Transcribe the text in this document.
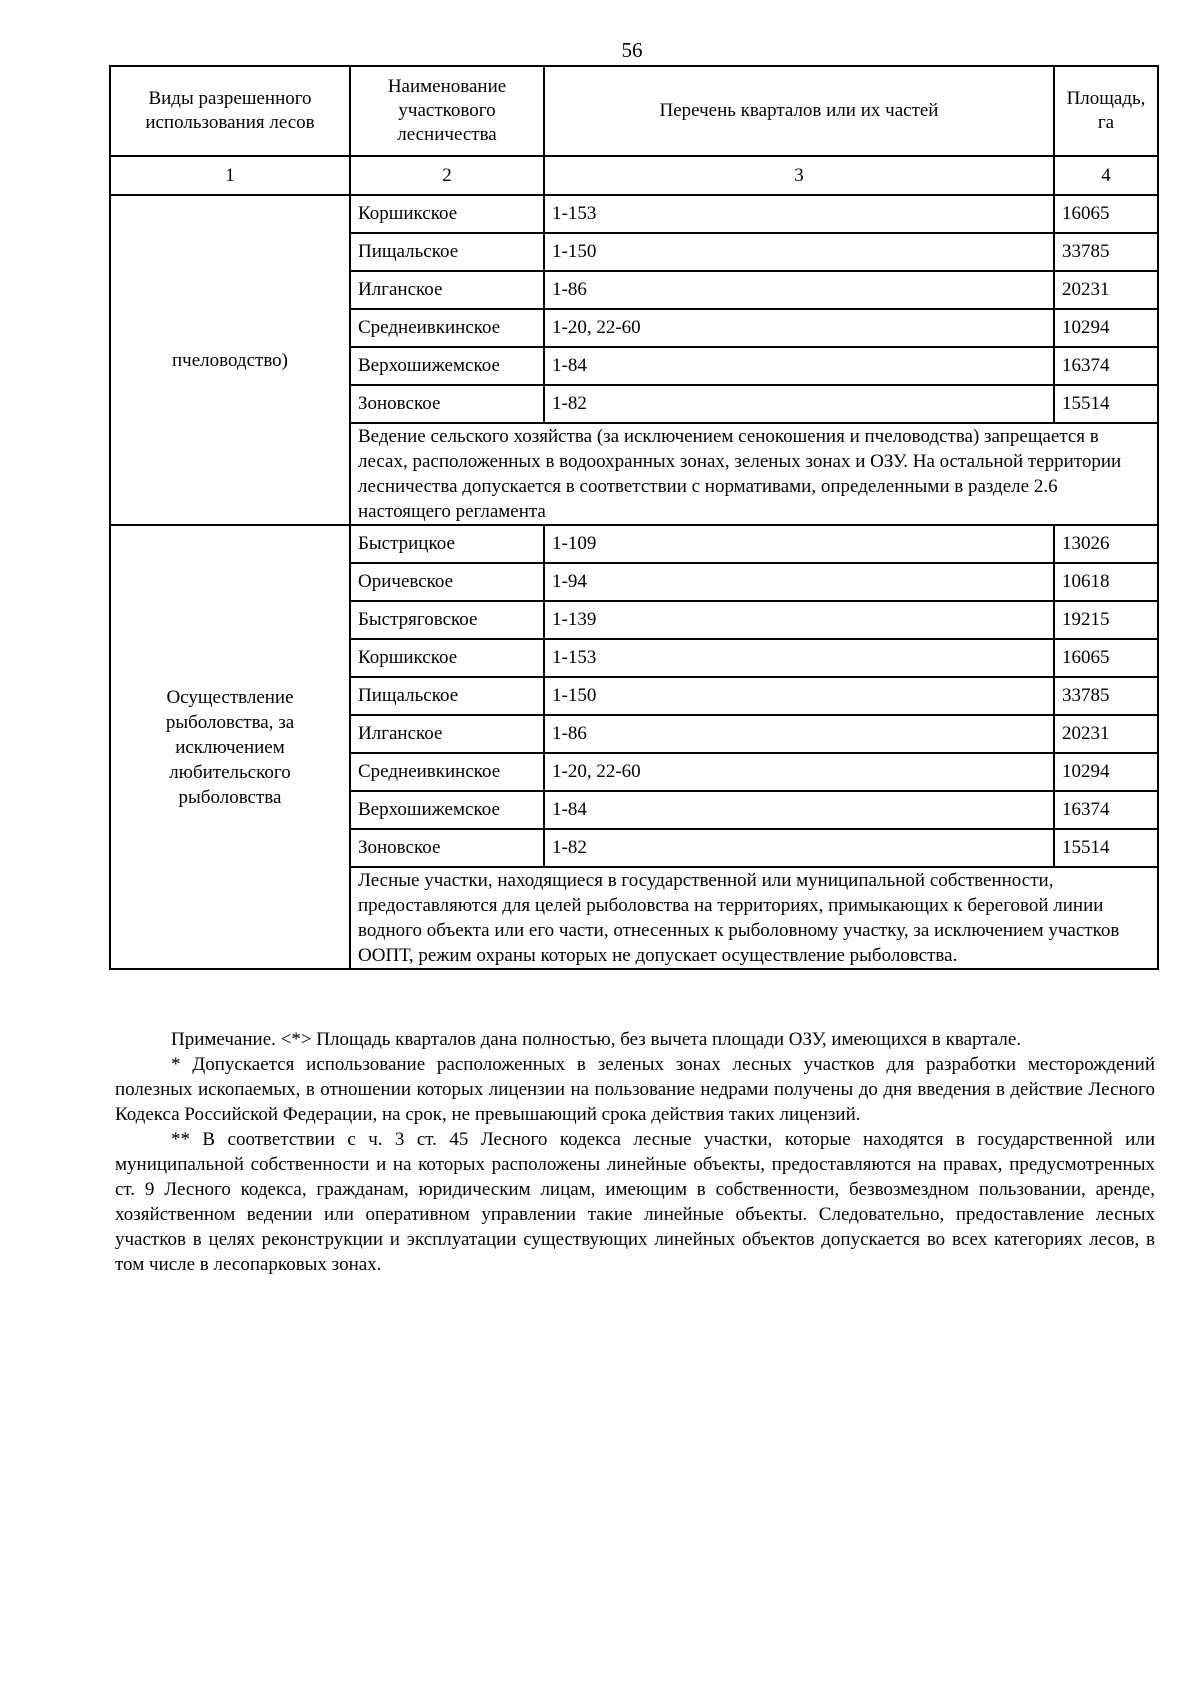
56
Виды разрешенного использования лесов	Наименование участкового лесничества	Перечень кварталов или их частей	Площадь, га
1	2	3	4
пчеловодство)	Коршикское	1-153	16065
	Пищальское	1-150	33785
	Илганское	1-86	20231
	Среднеивкинское	1-20, 22-60	10294
	Верхошижемское	1-84	16374
	Зоновское	1-82	15514
	Ведение сельского хозяйства (за исключением сенокошения и пчеловодства) запрещается в лесах, расположенных в водоохранных зонах, зеленых зонах и ОЗУ. На остальной территории лесничества допускается в соответствии с нормативами, определенными в разделе 2.6 настоящего регламента		
Осуществление рыболовства, за исключением любительского рыболовства	Быстрицкое	1-109	13026
	Оричевское	1-94	10618
	Быстряговское	1-139	19215
	Коршикское	1-153	16065
	Пищальское	1-150	33785
	Илганское	1-86	20231
	Среднеивкинское	1-20, 22-60	10294
	Верхошижемское	1-84	16374
	Зоновское	1-82	15514
	Лесные участки, находящиеся в государственной или муниципальной собственности, предоставляются для целей рыболовства на территориях, примыкающих к береговой линии водного объекта или его части, отнесенных к рыболовному участку, за исключением участков ООПТ, режим охраны которых не допускает осуществление рыболовства.		

Примечание. <*> Площадь кварталов дана полностью, без вычета площади ОЗУ, имеющихся в квартале.

* Допускается использование расположенных в зеленых зонах лесных участков для разработки месторождений полезных ископаемых, в отношении которых лицензии на пользование недрами получены до дня введения в действие Лесного Кодекса Российской Федерации, на срок, не превышающий срока действия таких лицензий.

** В соответствии с ч. 3 ст. 45 Лесного кодекса лесные участки, которые находятся в государственной или муниципальной собственности и на которых расположены линейные объекты, предоставляются на правах, предусмотренных ст. 9 Лесного кодекса, гражданам, юридическим лицам, имеющим в собственности, безвозмездном пользовании, аренде, хозяйственном ведении или оперативном управлении такие линейные объекты. Следовательно, предоставление лесных участков в целях реконструкции и эксплуатации существующих линейных объектов допускается во всех категориях лесов, в том числе в лесопарковых зонах.
